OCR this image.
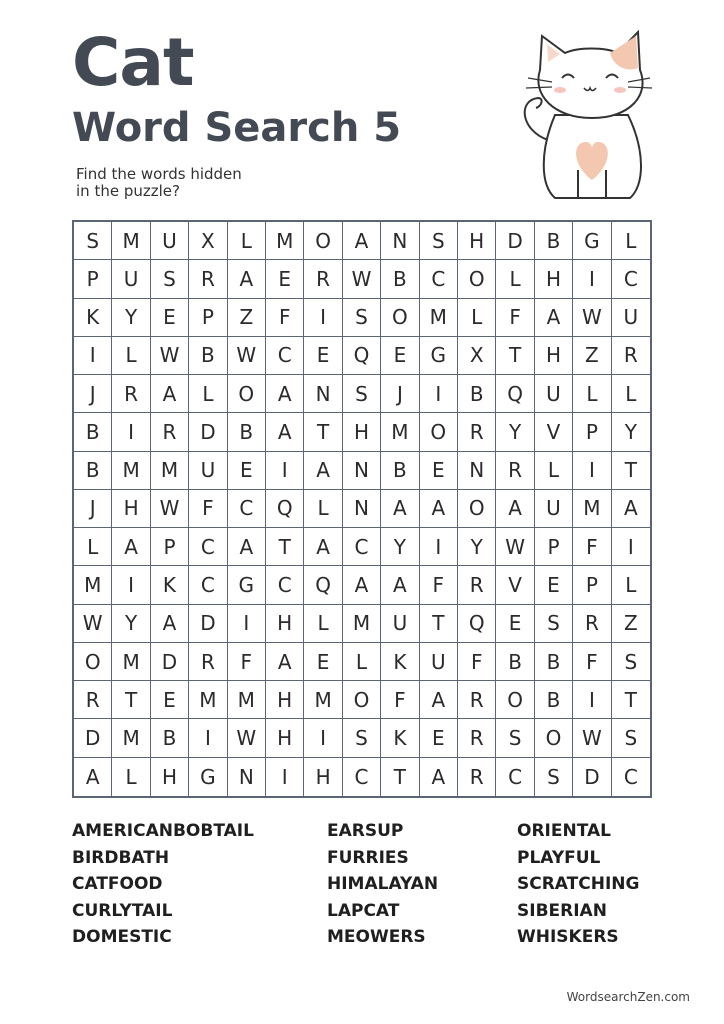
Cat
Word Search 5
Find the words hidden
in the puzzle?
S	M	U	X	L	M	O	A	N	S	H	D	B	G	L
P	U	S	R	A	E	R	W	B	C	O	L	H	I	C
K	Y	E	P	Z	F	I	S	O	M	L	F	A	W	U
I	L	W	B	W	C	E	Q	E	G	X	T	H	Z	R
J	R	A	L	O	A	N	S	J	I	B	Q	U	L	L
B	I	R	D	B	A	T	H	M	O	R	Y	V	P	Y
B	M	M	U	E	I	A	N	B	E	N	R	L	I	T
J	H	W	F	C	Q	L	N	A	A	O	A	U	M	A
L	A	P	C	A	T	A	C	Y	I	Y	W	P	F	I
M	I	K	C	G	C	Q	A	A	F	R	V	E	P	L
W	Y	A	D	I	H	L	M	U	T	Q	E	S	R	Z
O	M	D	R	F	A	E	L	K	U	F	B	B	F	S
R	T	E	M	M	H	M	O	F	A	R	O	B	I	T
D	M	B	I	W	H	I	S	K	E	R	S	O	W	S
A	L	H	G	N	I	H	C	T	A	R	C	S	D	C
AMERICANBOBTAIL
BIRDBATH
CATFOOD
CURLYTAIL
DOMESTIC
EARSUP
FURRIES
HIMALAYAN
LAPCAT
MEOWERS
ORIENTAL
PLAYFUL
SCRATCHING
SIBERIAN
WHISKERS
WordsearchZen.com
